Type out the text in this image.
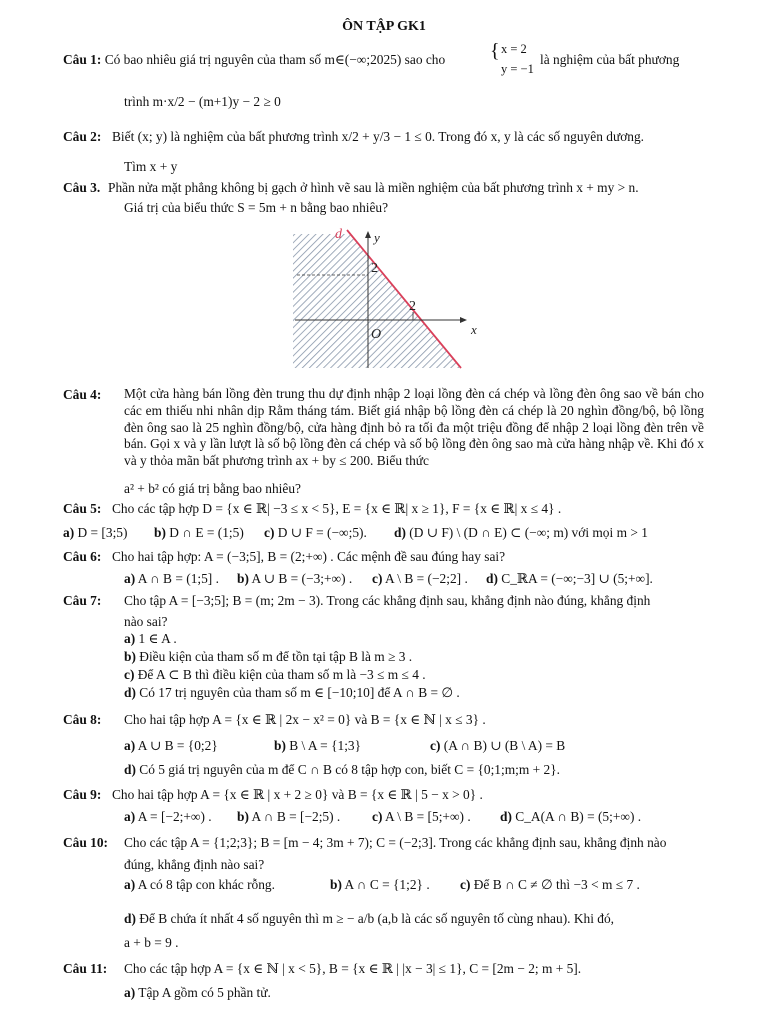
ÔN TẬP GK1
Câu 1: Có bao nhiêu giá trị nguyên của tham số m∈(−∞;2025) sao cho { x = 2
y = −1
là nghiệm của bất phương
trình m·x/2 − (m+1)y − 2 ≥ 0
Câu 2: Biết (x; y) là nghiệm của bất phương trình x/2 + y/3 − 1 ≤ 0. Trong đó x, y là các số nguyên dương.
Tìm x + y
Câu 3. Phần nửa mặt phẳng không bị gạch ở hình vẽ sau là miền nghiệm của bất phương trình x + my > n.
Giá trị của biểu thức S = 5m + n bằng bao nhiêu?
d y
x
2
2
O
Câu 4: Một cửa hàng bán lồng đèn trung thu dự định nhập 2 loại lồng đèn cá chép và lồng đèn ông sao về bán cho các em thiếu nhi nhân dịp Rằm tháng tám. Biết giá nhập bộ lồng đèn cá chép là 20 nghìn đồng/bộ, bộ lồng đèn ông sao là 25 nghìn đồng/bộ, cửa hàng định bỏ ra tối đa một triệu đồng để nhập 2 loại lồng đèn trên về bán. Gọi x và y lần lượt là số bộ lồng đèn cá chép và số bộ lồng đèn ông sao mà cửa hàng nhập về. Khi đó x và y thỏa mãn bất phương trình ax + by ≤ 200. Biểu thức
a² + b² có giá trị bằng bao nhiêu?
Câu 5: Cho các tập hợp D = {x ∈ ℝ| −3 ≤ x < 5}, E = {x ∈ ℝ| x ≥ 1}, F = {x ∈ ℝ| x ≤ 4} .
a) D = [3;5) b) D ∩ E = (1;5) c) D ∪ F = (−∞;5). d) (D ∪ F) \ (D ∩ E) ⊂ (−∞; m) với mọi m > 1
Câu 6: Cho hai tập hợp: A = (−3;5], B = (2;+∞) . Các mệnh đề sau đúng hay sai?
a) A ∩ B = (1;5] . b) A ∪ B = (−3;+∞) . c) A \ B = (−2;2] . d) C_ℝA = (−∞;−3] ∪ (5;+∞].
Câu 7: Cho tập A = [−3;5]; B = (m; 2m − 3). Trong các khẳng định sau, khẳng định nào đúng, khẳng định
nào sai?
a) 1 ∈ A .
b) Điều kiện của tham số m để tồn tại tập B là m ≥ 3 .
c) Để A ⊂ B thì điều kiện của tham số m là −3 ≤ m ≤ 4 .
d) Có 17 trị nguyên của tham số m ∈ [−10;10] để A ∩ B = ∅ .
Câu 8: Cho hai tập hợp A = {x ∈ ℝ | 2x − x² = 0} và B = {x ∈ ℕ | x ≤ 3} .
a) A ∪ B = {0;2}	b) B \ A = {1;3}	c) (A ∩ B) ∪ (B \ A) = B
d) Có 5 giá trị nguyên của m để C ∩ B có 8 tập hợp con, biết C = {0;1;m;m + 2}.
Câu 9: Cho hai tập hợp A = {x ∈ ℝ | x + 2 ≥ 0} và B = {x ∈ ℝ | 5 − x > 0} .
a) A = [−2;+∞) . b) A ∩ B = [−2;5) . c) A \ B = [5;+∞) . d) C_A(A ∩ B) = (5;+∞) .
Câu 10: Cho các tập A = {1;2;3}; B = [m − 4; 3m + 7); C = (−2;3]. Trong các khẳng định sau, khẳng định nào
đúng, khẳng định nào sai?
a) A có 8 tập con khác rỗng.	b) A ∩ C = {1;2} . c) Để B ∩ C ≠ ∅ thì −3 < m ≤ 7 .
d) Để B chứa ít nhất 4 số nguyên thì m ≥ − a/b (a,b là các số nguyên tố cùng nhau). Khi đó,
a + b = 9 .
Câu 11: Cho các tập hợp A = {x ∈ ℕ | x < 5}, B = {x ∈ ℝ | |x − 3| ≤ 1}, C = [2m − 2; m + 5].
a) Tập A gồm có 5 phần tử.
